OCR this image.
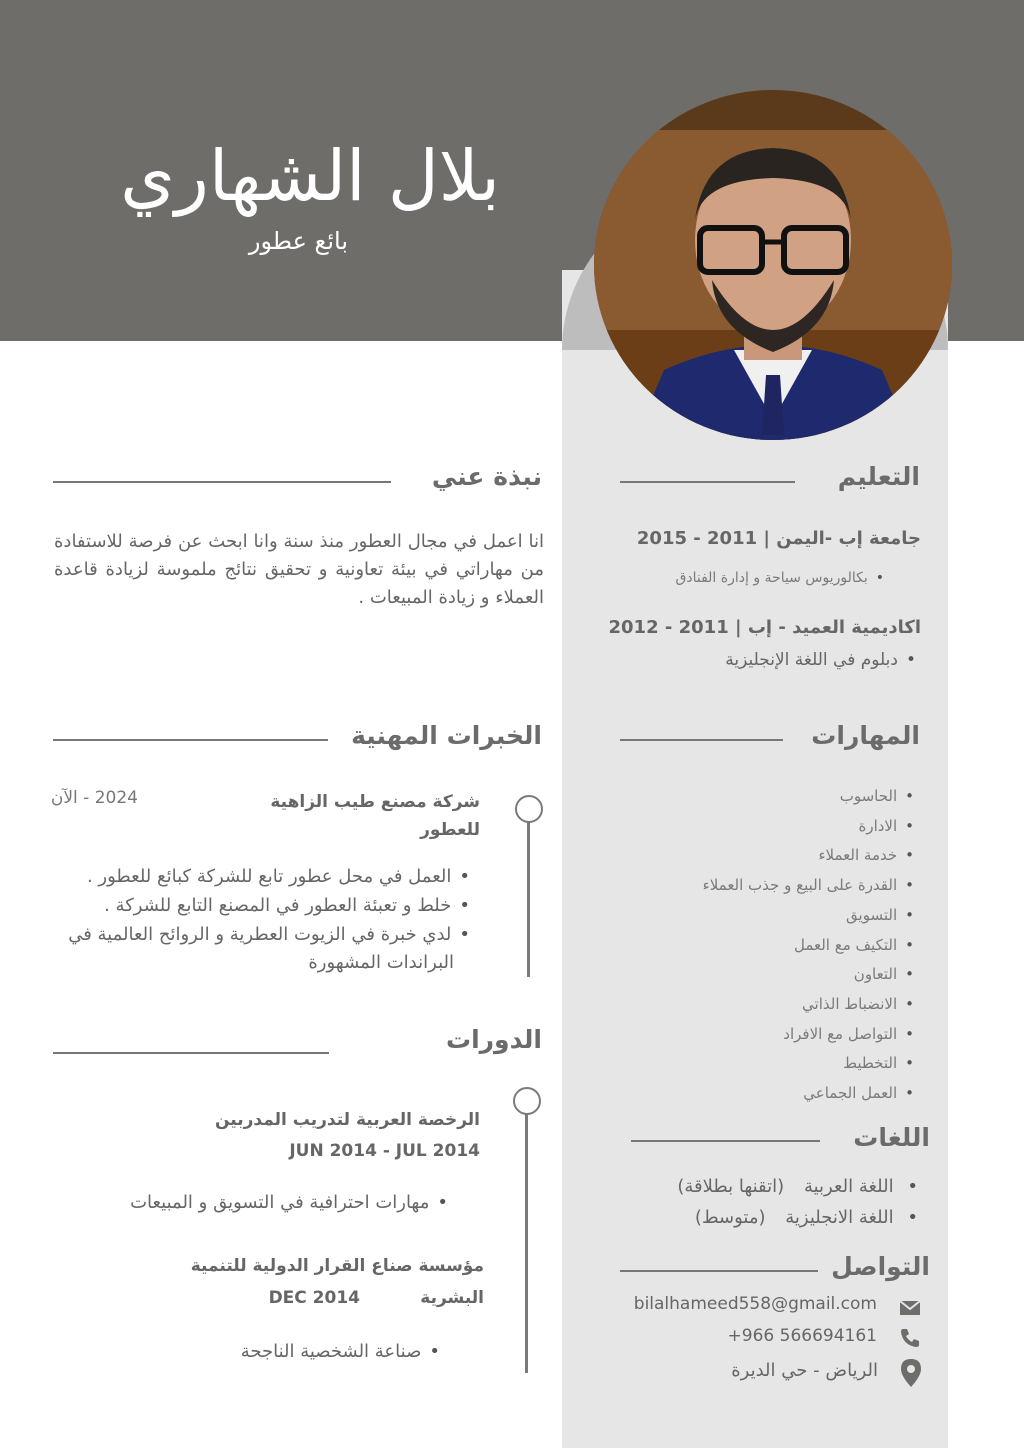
بلال الشهاري
بائع عطور
التعليم
جامعة إب -اليمن | 2011 - 2015
• بكالوريوس سياحة و إدارة الفنادق
اكاديمية العميد - إب | 2011 - 2012
• دبلوم في اللغة الإنجليزية
نبذة عني
انا اعمل في مجال العطور منذ سنة وانا ابحث عن فرصة للاستفادة من مهاراتي في بيئة تعاونية و تحقيق نتائج ملموسة لزيادة قاعدة العملاء و زيادة المبيعات .
المهارات
• الحاسوب
• الادارة
• خدمة العملاء
• القدرة على البيع و جذب العملاء
• التسويق
• التكيف مع العمل
• التعاون
• الانضباط الذاتي
• التواصل مع الافراد
• التخطيط
• العمل الجماعي
الخبرات المهنية
شركة مصنع طيب الزاهية
للعطور
2024 - الآن
• العمل في محل عطور تابع للشركة كبائع للعطور .
• خلط و تعبئة العطور في المصنع التابع للشركة .
• لدي خبرة في الزيوت العطرية و الروائح العالمية في
البراندات المشهورة
الدورات
الرخصة العربية لتدريب المدربين
JUN 2014 - JUL 2014
• مهارات احترافية في التسويق و المبيعات
مؤسسة صناع القرار الدولية للتنمية
البشرية
DEC 2014
• صناعة الشخصية الناجحة
اللغات
• اللغة العربية (اتقنها بطلاقة)
• اللغة الانجليزية (متوسط)
التواصل
bilalhameed558@gmail.com
+966 566694161
الرياض - حي الديرة
